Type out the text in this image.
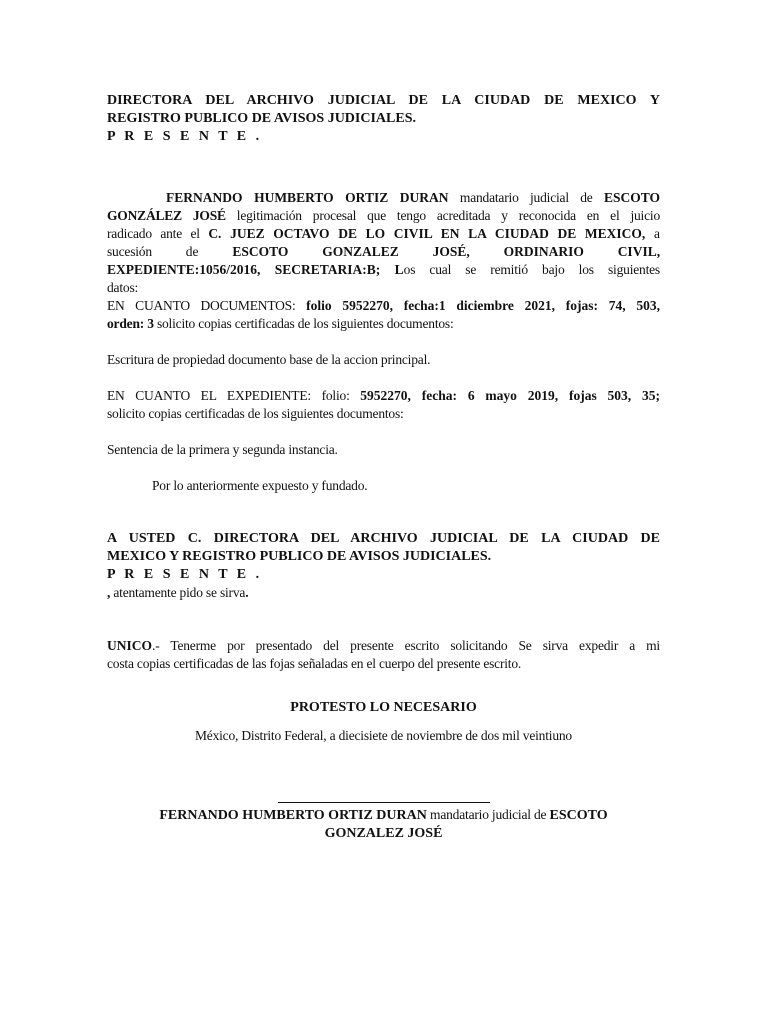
DIRECTORA DEL ARCHIVO JUDICIAL DE LA CIUDAD DE MEXICO Y
REGISTRO PUBLICO DE AVISOS JUDICIALES.
P R E S E N T E .
FERNANDO HUMBERTO ORTIZ DURAN mandatario judicial de ESCOTO
GONZÁLEZ JOSÉ legitimación procesal que tengo acreditada y reconocida en el juicio
radicado ante el C. JUEZ OCTAVO DE LO CIVIL EN LA CIUDAD DE MEXICO, a
sucesión	de	ESCOTO	GONZALEZ	JOSÉ,	ORDINARIO	CIVIL,
EXPEDIENTE:1056/2016, SECRETARIA:B; Los cual se remitió bajo los siguientes
datos:
EN CUANTO DOCUMENTOS: folio 5952270, fecha:1 diciembre 2021, fojas: 74, 503,
orden: 3 solicito copias certificadas de los siguientes documentos:
Escritura de propiedad documento base de la accion principal.
EN CUANTO EL EXPEDIENTE: folio: 5952270, fecha: 6 mayo 2019, fojas 503, 35;
solicito copias certificadas de los siguientes documentos:
Sentencia de la primera y segunda instancia.
Por lo anteriormente expuesto y fundado.
A USTED C. DIRECTORA DEL ARCHIVO JUDICIAL DE LA CIUDAD DE
MEXICO Y REGISTRO PUBLICO DE AVISOS JUDICIALES.
P R E S E N T E .
, atentamente pido se sirva.
UNICO.- Tenerme por presentado del presente escrito solicitando Se sirva expedir a mi
costa copias certificadas de las fojas señaladas en el cuerpo del presente escrito.
PROTESTO LO NECESARIO
México, Distrito Federal, a diecisiete de noviembre de dos mil veintiuno
FERNANDO HUMBERTO ORTIZ DURAN mandatario judicial de ESCOTO
GONZALEZ JOSÉ
